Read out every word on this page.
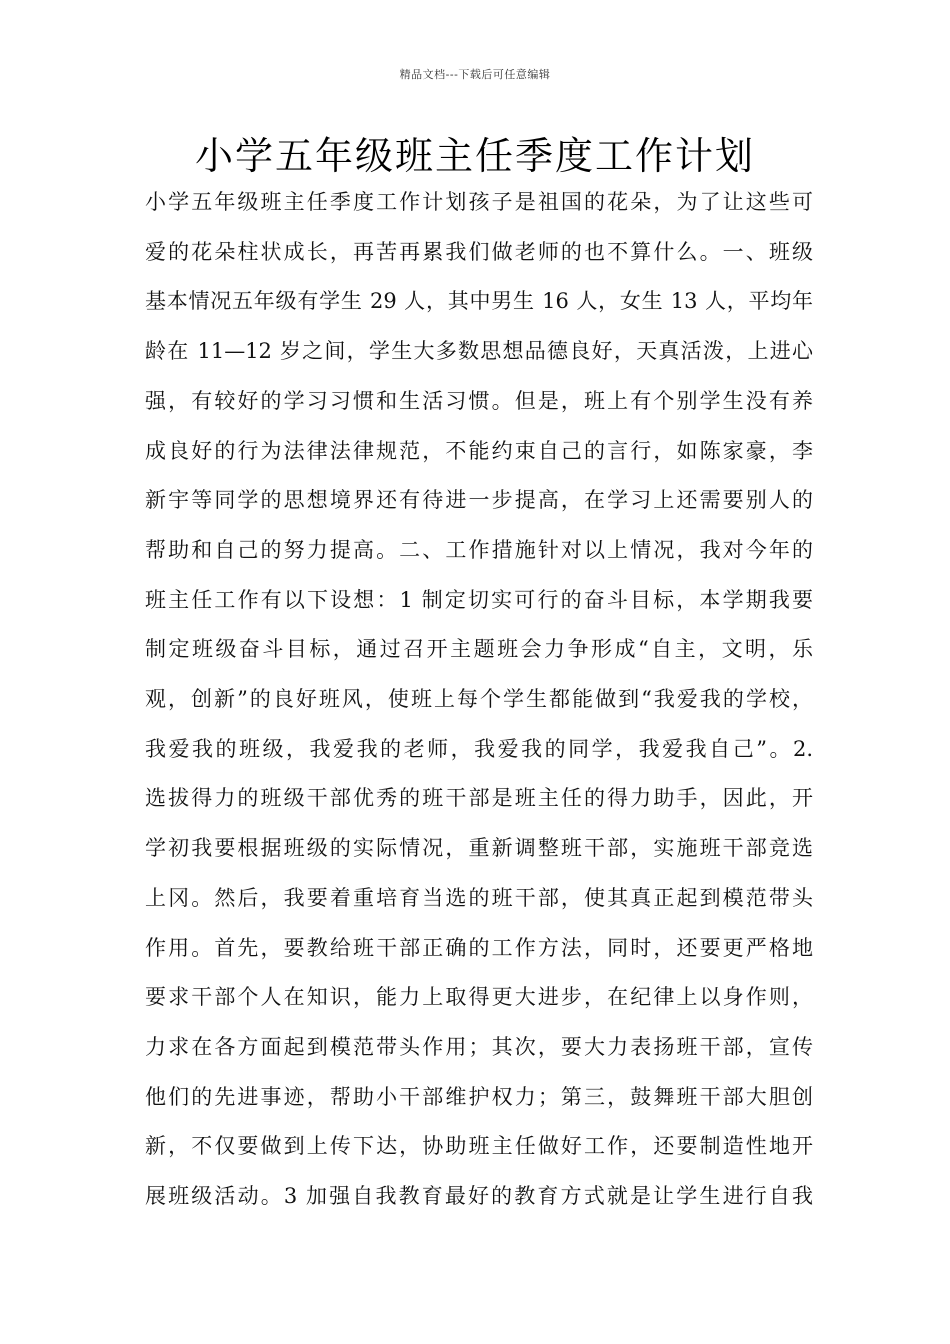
精品文档---下载后可任意编辑
小学五年级班主任季度工作计划
小学五年级班主任季度工作计划孩子是祖国的花朵，为了让这些可
爱的花朵柱状成长，再苦再累我们做老师的也不算什么。一、班级
基本情况五年级有学生 29 人，其中男生 16 人，女生 13 人，平均年
龄在 11—12 岁之间，学生大多数思想品德良好，天真活泼，上进心
强，有较好的学习习惯和生活习惯。但是，班上有个别学生没有养
成良好的行为法律法律规范，不能约束自己的言行，如陈家豪，李
新宇等同学的思想境界还有待进一步提高，在学习上还需要别人的
帮助和自己的努力提高。二、工作措施针对以上情况，我对今年的
班主任工作有以下设想：1 制定切实可行的奋斗目标，本学期我要
制定班级奋斗目标，通过召开主题班会力争形成“自主，文明，乐
观，创新”的良好班风，使班上每个学生都能做到“我爱我的学校，
我爱我的班级，我爱我的老师，我爱我的同学，我爱我自己”。2.
选拔得力的班级干部优秀的班干部是班主任的得力助手，因此，开
学初我要根据班级的实际情况，重新调整班干部，实施班干部竞选
上冈。然后，我要着重培育当选的班干部，使其真正起到模范带头
作用。首先，要教给班干部正确的工作方法，同时，还要更严格地
要求干部个人在知识，能力上取得更大进步，在纪律上以身作则，
力求在各方面起到模范带头作用；其次，要大力表扬班干部，宣传
他们的先进事迹，帮助小干部维护权力；第三，鼓舞班干部大胆创
新，不仅要做到上传下达，协助班主任做好工作，还要制造性地开
展班级活动。3 加强自我教育最好的教育方式就是让学生进行自我
